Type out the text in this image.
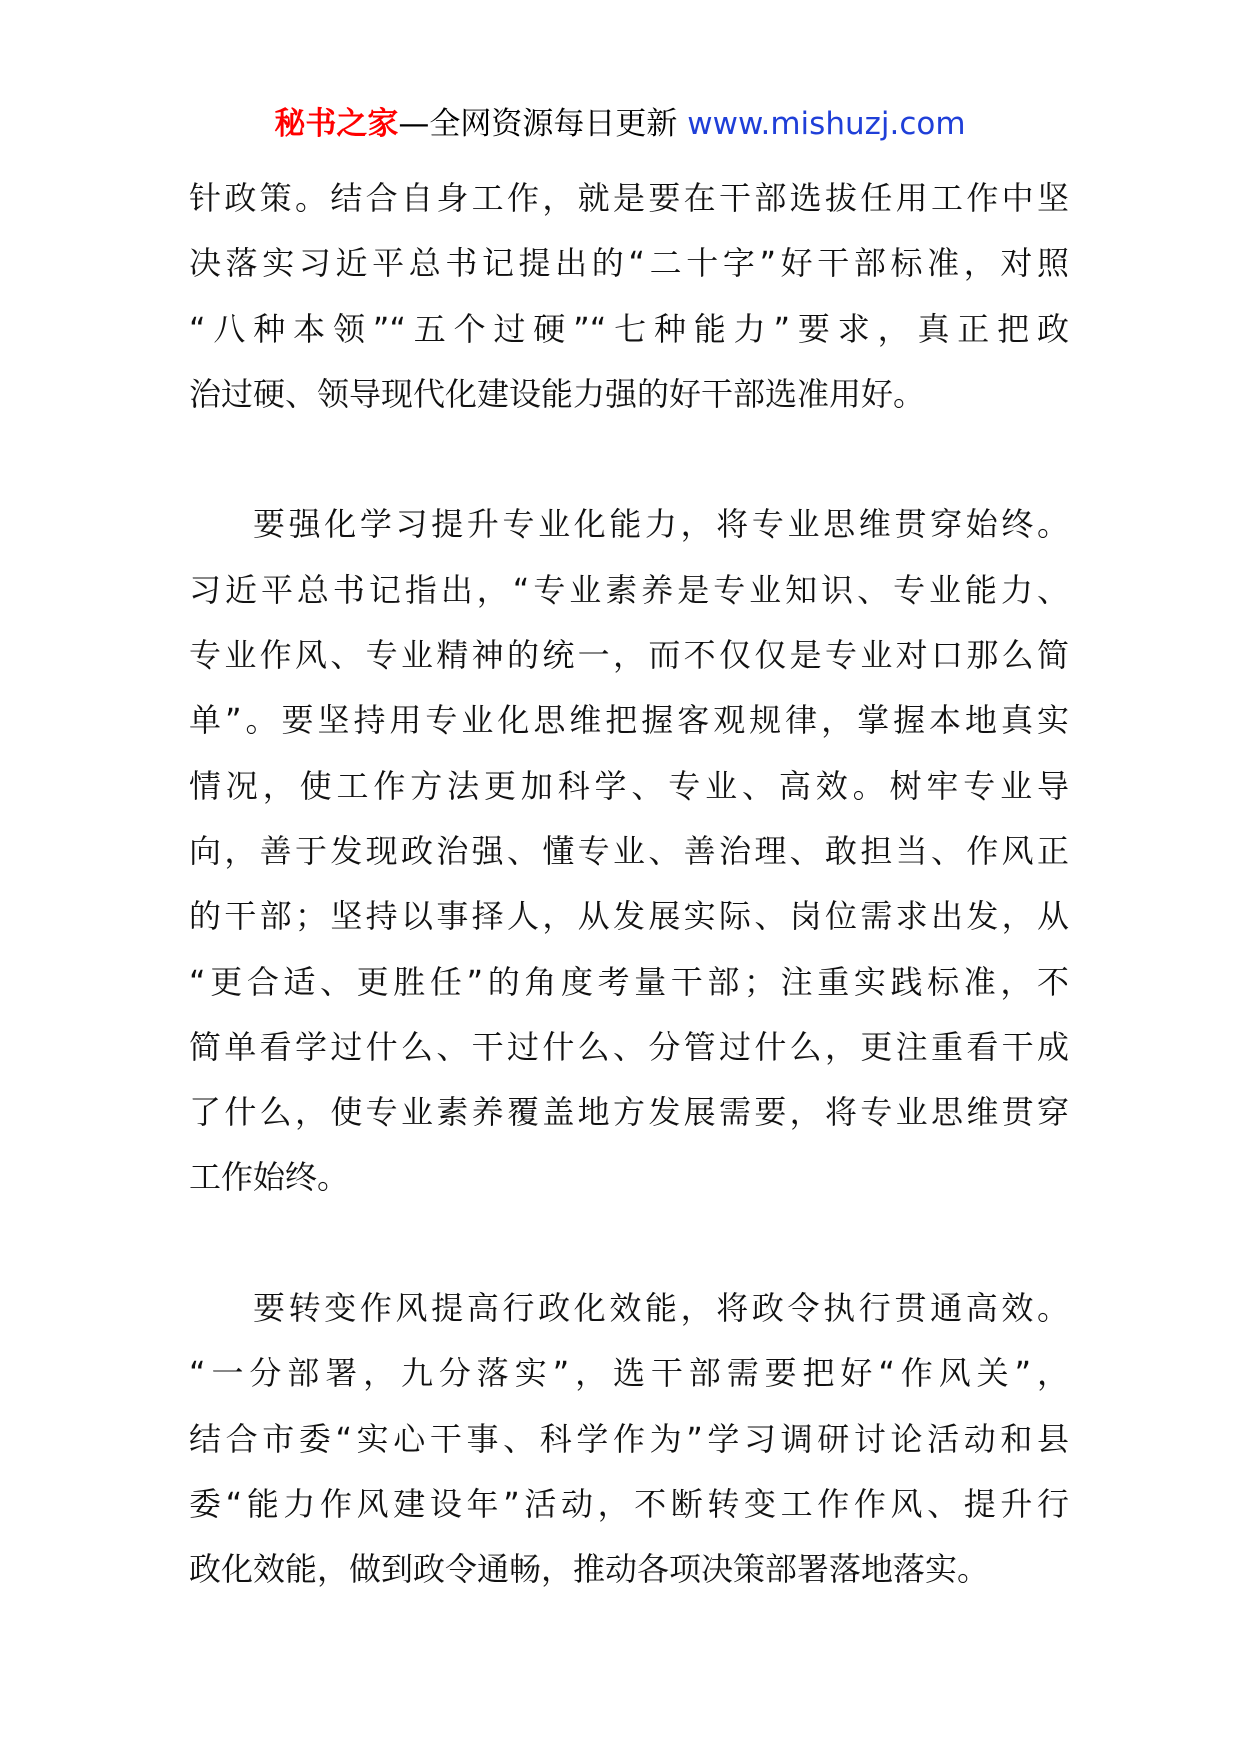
秘书之家—全网资源每日更新 www.mishuzj.com
针政策。结合自身工作，就是要在干部选拔任用工作中坚
决落实习近平总书记提出的“二十字”好干部标准，对照
“八种本领”“五个过硬”“七种能力”要求，真正把政
治过硬、领导现代化建设能力强的好干部选准用好。
要强化学习提升专业化能力，将专业思维贯穿始终。
习近平总书记指出，“专业素养是专业知识、专业能力、
专业作风、专业精神的统一，而不仅仅是专业对口那么简
单”。要坚持用专业化思维把握客观规律，掌握本地真实
情况，使工作方法更加科学、专业、高效。树牢专业导
向，善于发现政治强、懂专业、善治理、敢担当、作风正
的干部；坚持以事择人，从发展实际、岗位需求出发，从
“更合适、更胜任”的角度考量干部；注重实践标准，不
简单看学过什么、干过什么、分管过什么，更注重看干成
了什么，使专业素养覆盖地方发展需要，将专业思维贯穿
工作始终。
要转变作风提高行政化效能，将政令执行贯通高效。
“一分部署，九分落实”，选干部需要把好“作风关”，
结合市委“实心干事、科学作为”学习调研讨论活动和县
委“能力作风建设年”活动，不断转变工作作风、提升行
政化效能，做到政令通畅，推动各项决策部署落地落实。
